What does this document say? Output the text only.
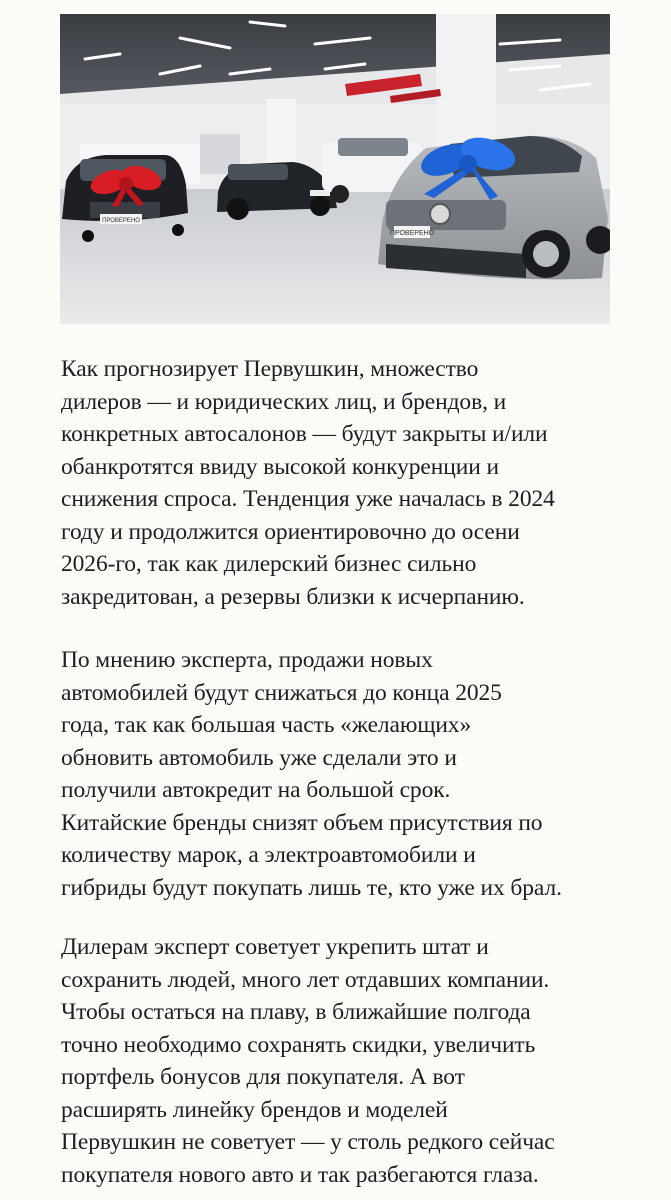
ПРОВЕРЕНО
ПРОВЕРЕНО
Как прогнозирует Первушкин, множество
дилеров — и юридических лиц, и брендов, и
конкретных автосалонов — будут закрыты и/или
обанкротятся ввиду высокой конкуренции и
снижения спроса. Тенденция уже началась в 2024
году и продолжится ориентировочно до осени
2026-го, так как дилерский бизнес сильно
закредитован, а резервы близки к исчерпанию.
По мнению эксперта, продажи новых
автомобилей будут снижаться до конца 2025
года, так как большая часть «желающих»
обновить автомобиль уже сделали это и
получили автокредит на большой срок.
Китайские бренды снизят объем присутствия по
количеству марок, а электроавтомобили и
гибриды будут покупать лишь те, кто уже их брал.
Дилерам эксперт советует укрепить штат и
сохранить людей, много лет отдавших компании.
Чтобы остаться на плаву, в ближайшие полгода
точно необходимо сохранять скидки, увеличить
портфель бонусов для покупателя. А вот
расширять линейку брендов и моделей
Первушкин не советует — у столь редкого сейчас
покупателя нового авто и так разбегаются глаза.
